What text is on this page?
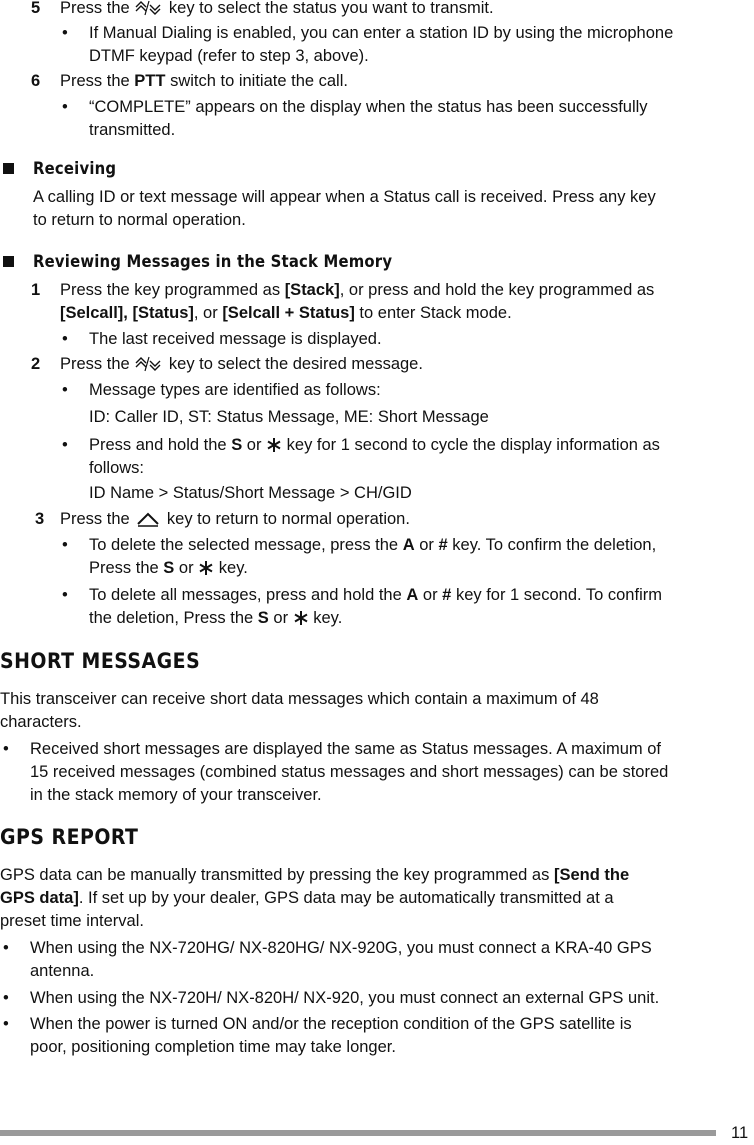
5 Press the key to select the status you want to transmit.
• If Manual Dialing is enabled, you can enter a station ID by using the microphone
DTMF keypad (refer to step 3, above).
6 Press the PTT switch to initiate the call.
• “COMPLETE” appears on the display when the status has been successfully
transmitted.
Receiving
A calling ID or text message will appear when a Status call is received. Press any key
to return to normal operation.
Reviewing Messages in the Stack Memory
1 Press the key programmed as [Stack], or press and hold the key programmed as
[Selcall], [Status], or [Selcall + Status] to enter Stack mode.
• The last received message is displayed.
2 Press the key to select the desired message.
• Message types are identified as follows:
ID: Caller ID, ST: Status Message, ME: Short Message
• Press and hold the S or key for 1 second to cycle the display information as
follows:
ID Name > Status/Short Message > CH/GID
3 Press the key to return to normal operation.
• To delete the selected message, press the A or # key. To confirm the deletion,
Press the S or key.
• To delete all messages, press and hold the A or # key for 1 second. To confirm
the deletion, Press the S or key.
SHORT MESSAGES
This transceiver can receive short data messages which contain a maximum of 48
characters.
• Received short messages are displayed the same as Status messages. A maximum of
15 received messages (combined status messages and short messages) can be stored
in the stack memory of your transceiver.
GPS REPORT
GPS data can be manually transmitted by pressing the key programmed as [Send the
GPS data]. If set up by your dealer, GPS data may be automatically transmitted at a
preset time interval.
• When using the NX-720HG/ NX-820HG/ NX-920G, you must connect a KRA-40 GPS
antenna.
• When using the NX-720H/ NX-820H/ NX-920, you must connect an external GPS unit.
• When the power is turned ON and/or the reception condition of the GPS satellite is
poor, positioning completion time may take longer.
11
